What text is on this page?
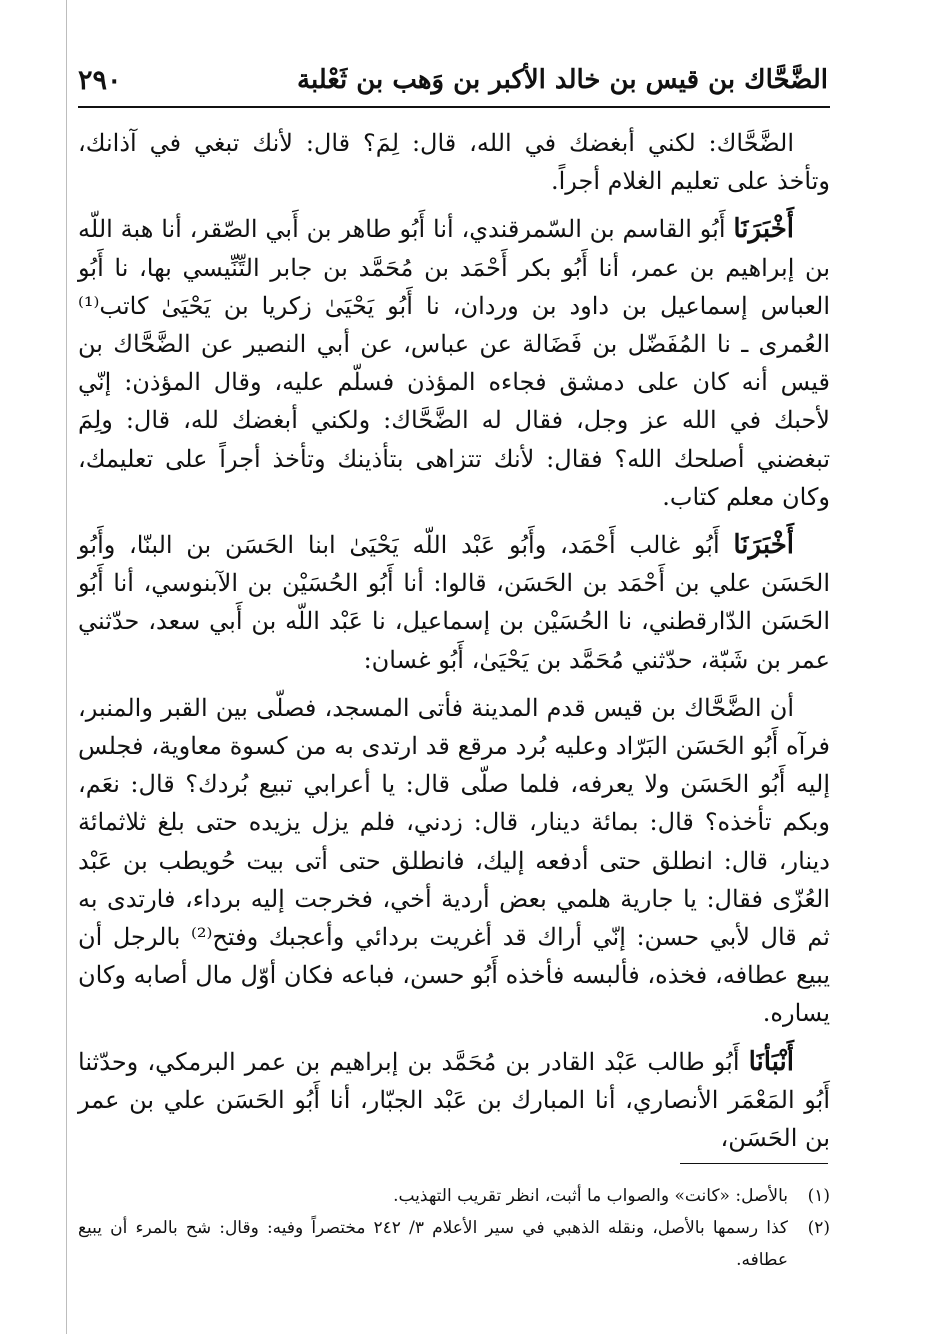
الضَّحَّاك بن قيس بن خالد الأكبر بن وَهب بن ثَعْلبة
٢٩٠

الضَّحَّاك: لكني أبغضك في الله، قال: لِمَ؟ قال: لأنك تبغي في آذانك، وتأخذ على تعليم الغلام أجراً.

أَخْبَرَنَا أَبُو القاسم بن السّمرقندي، أنا أَبُو طاهر بن أَبي الصّقر، أنا هبة اللّه بن إبراهيم بن عمر، أنا أَبُو بكر أَحْمَد بن مُحَمَّد بن جابر التِّنِّيسي بها، نا أَبُو العباس إسماعيل بن داود بن وردان، نا أَبُو يَحْيَىٰ زكريا بن يَحْيَىٰ كاتب⁽¹⁾ العُمرى ـ نا المُفَضّل بن فَضَالة عن عباس، عن أبي النصير عن الضَّحَّاك بن قيس أنه كان على دمشق فجاءه المؤذن فسلّم عليه، وقال المؤذن: إنّي لأحبك في الله عز وجل، فقال له الضَّحَّاك: ولكني أبغضك لله، قال: ولِمَ تبغضني أصلحك الله؟ فقال: لأنك تتزاهى بتأذينك وتأخذ أجراً على تعليمك، وكان معلم كتاب.

أَخْبَرَنَا أَبُو غالب أَحْمَد، وأَبُو عَبْد اللّه يَحْيَىٰ ابنا الحَسَن بن البنّا، وأَبُو الحَسَن علي بن أَحْمَد بن الحَسَن، قالوا: أنا أَبُو الحُسَيْن بن الآبنوسي، أنا أَبُو الحَسَن الدّارقطني، نا الحُسَيْن بن إسماعيل، نا عَبْد اللّه بن أَبي سعد، حدّثني عمر بن شَبّة، حدّثني مُحَمَّد بن يَحْيَىٰ، أَبُو غسان:

أن الضَّحَّاك بن قيس قدم المدينة فأتى المسجد، فصلّى بين القبر والمنبر، فرآه أَبُو الحَسَن البَرّاد وعليه بُرد مرقع قد ارتدى به من كسوة معاوية، فجلس إليه أَبُو الحَسَن ولا يعرفه، فلما صلّى قال: يا أعرابي تبيع بُردك؟ قال: نعَم، وبكم تأخذه؟ قال: بمائة دينار، قال: زدني، فلم يزل يزيده حتى بلغ ثلاثمائة دينار، قال: انطلق حتى أدفعه إليك، فانطلق حتى أتى بيت حُويطب بن عَبْد العُزّى فقال: يا جارية هلمي بعض أردية أخي، فخرجت إليه برداء، فارتدى به ثم قال لأبي حسن: إنّي أراك قد أغريت بردائي وأعجبك وفتح⁽²⁾ بالرجل أن يبيع عطافه، فخذه، فألبسه فأخذه أَبُو حسن، فباعه فكان أوّل مال أصابه وكان يساره.

أَنْبَأنَا أَبُو طالب عَبْد القادر بن مُحَمَّد بن إبراهيم بن عمر البرمكي، وحدّثنا أَبُو المَعْمَر الأنصاري، أنا المبارك بن عَبْد الجبّار، أنا أَبُو الحَسَن علي بن عمر بن الحَسَن،

(١)بالأصل: «كانت» والصواب ما أثبت، انظر تقريب التهذيب.

(٢)كذا رسمها بالأصل، ونقله الذهبي في سير الأعلام ٣/ ٢٤٢ مختصراً وفيه: وقال: شح بالمرء أن يبيع عطافه.
